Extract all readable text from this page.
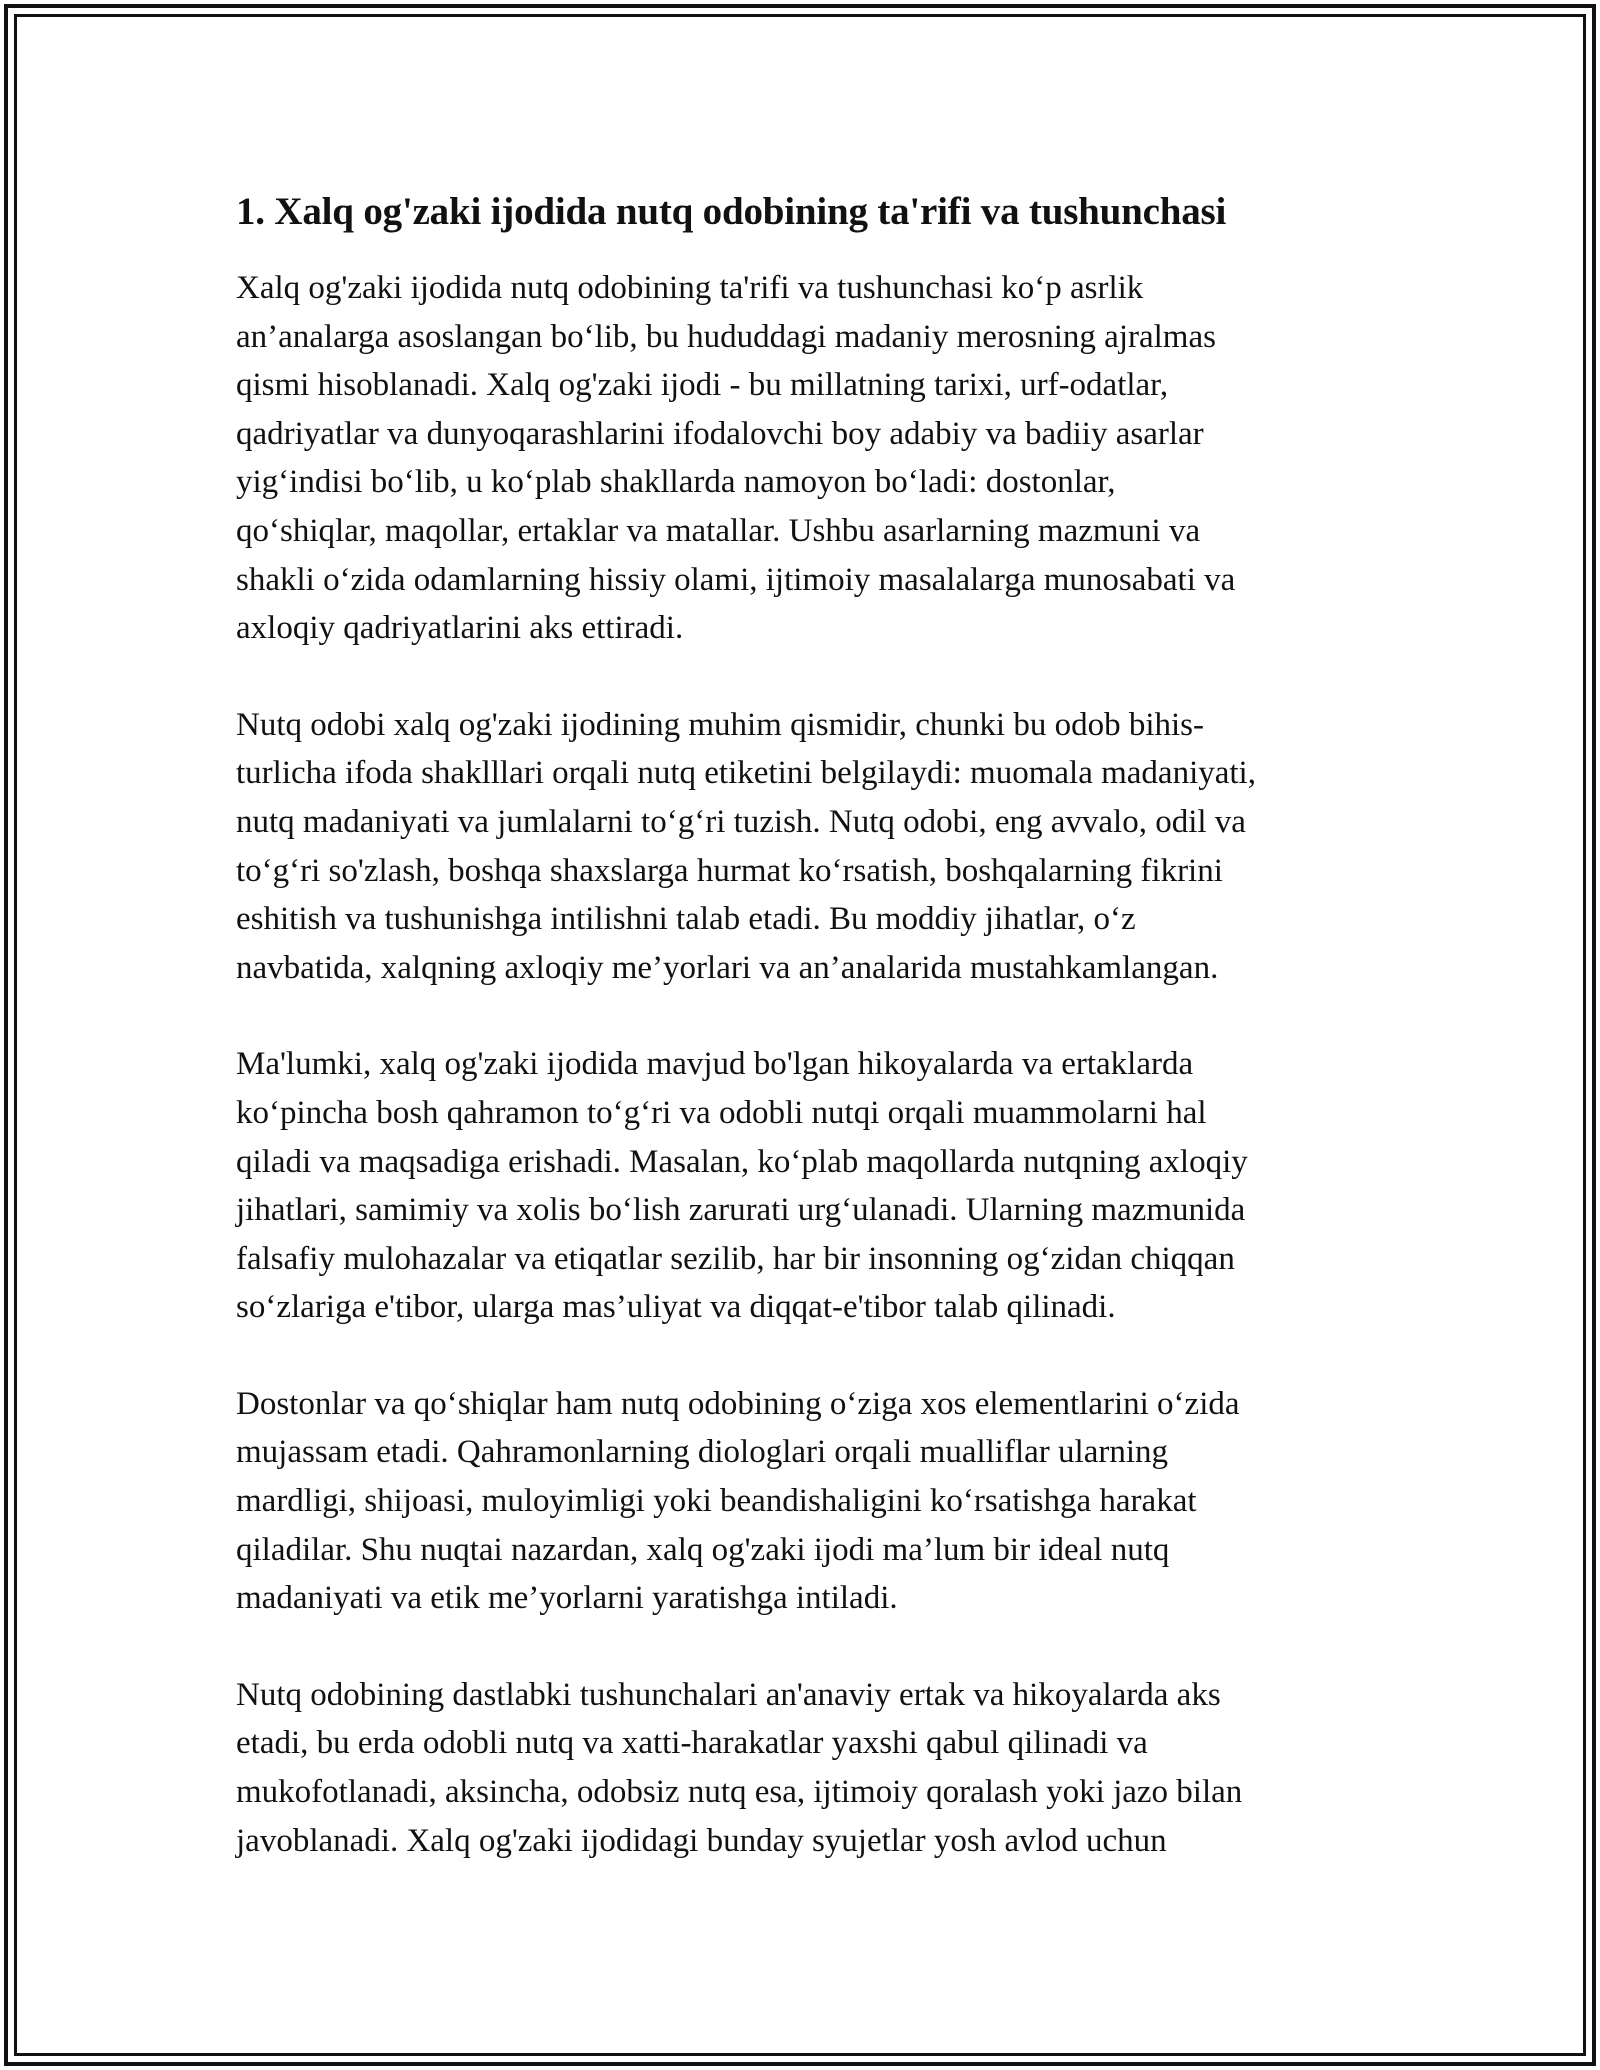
1. Xalq og'zaki ijodida nutq odobining ta'rifi va tushunchasi

Xalq og'zaki ijodida nutq odobining ta'rifi va tushunchasi ko‘p asrlik
an’analarga asoslangan bo‘lib, bu hududdagi madaniy merosning ajralmas
qismi hisoblanadi. Xalq og'zaki ijodi - bu millatning tarixi, urf-odatlar,
qadriyatlar va dunyoqarashlarini ifodalovchi boy adabiy va badiiy asarlar
yig‘indisi bo‘lib, u ko‘plab shakllarda namoyon bo‘ladi: dostonlar,
qo‘shiqlar, maqollar, ertaklar va matallar. Ushbu asarlarning mazmuni va
shakli o‘zida odamlarning hissiy olami, ijtimoiy masalalarga munosabati va
axloqiy qadriyatlarini aks ettiradi.

Nutq odobi xalq og'zaki ijodining muhim qismidir, chunki bu odob bihis-
turlicha ifoda shaklllari orqali nutq etiketini belgilaydi: muomala madaniyati,
nutq madaniyati va jumlalarni to‘g‘ri tuzish. Nutq odobi, eng avvalo, odil va
to‘g‘ri so'zlash, boshqa shaxslarga hurmat ko‘rsatish, boshqalarning fikrini
eshitish va tushunishga intilishni talab etadi. Bu moddiy jihatlar, o‘z
navbatida, xalqning axloqiy me’yorlari va an’analarida mustahkamlangan.

Ma'lumki, xalq og'zaki ijodida mavjud bo'lgan hikoyalarda va ertaklarda
ko‘pincha bosh qahramon to‘g‘ri va odobli nutqi orqali muammolarni hal
qiladi va maqsadiga erishadi. Masalan, ko‘plab maqollarda nutqning axloqiy
jihatlari, samimiy va xolis bo‘lish zarurati urg‘ulanadi. Ularning mazmunida
falsafiy mulohazalar va etiqatlar sezilib, har bir insonning og‘zidan chiqqan
so‘zlariga e'tibor, ularga mas’uliyat va diqqat-e'tibor talab qilinadi.

Dostonlar va qo‘shiqlar ham nutq odobining o‘ziga xos elementlarini o‘zida
mujassam etadi. Qahramonlarning diologlari orqali mualliflar ularning
mardligi, shijoasi, muloyimligi yoki beandishaligini ko‘rsatishga harakat
qiladilar. Shu nuqtai nazardan, xalq og'zaki ijodi ma’lum bir ideal nutq
madaniyati va etik me’yorlarni yaratishga intiladi.

Nutq odobining dastlabki tushunchalari an'anaviy ertak va hikoyalarda aks
etadi, bu erda odobli nutq va xatti-harakatlar yaxshi qabul qilinadi va
mukofotlanadi, aksincha, odobsiz nutq esa, ijtimoiy qoralash yoki jazo bilan
javoblanadi. Xalq og'zaki ijodidagi bunday syujetlar yosh avlod uchun
